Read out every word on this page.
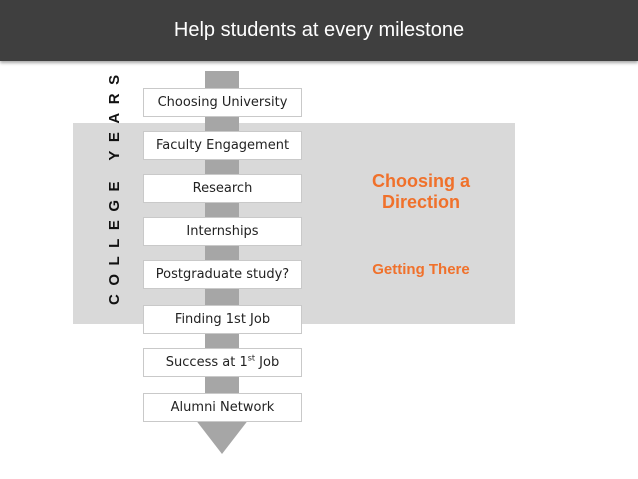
Help students at every milestone
COLLEGE YEARS	Choosing University
Faculty Engagement
Research
Internships
Postgraduate study?
Finding 1st Job
Success at 1st Job
Alumni Network
Choosing a
Direction
Getting There
